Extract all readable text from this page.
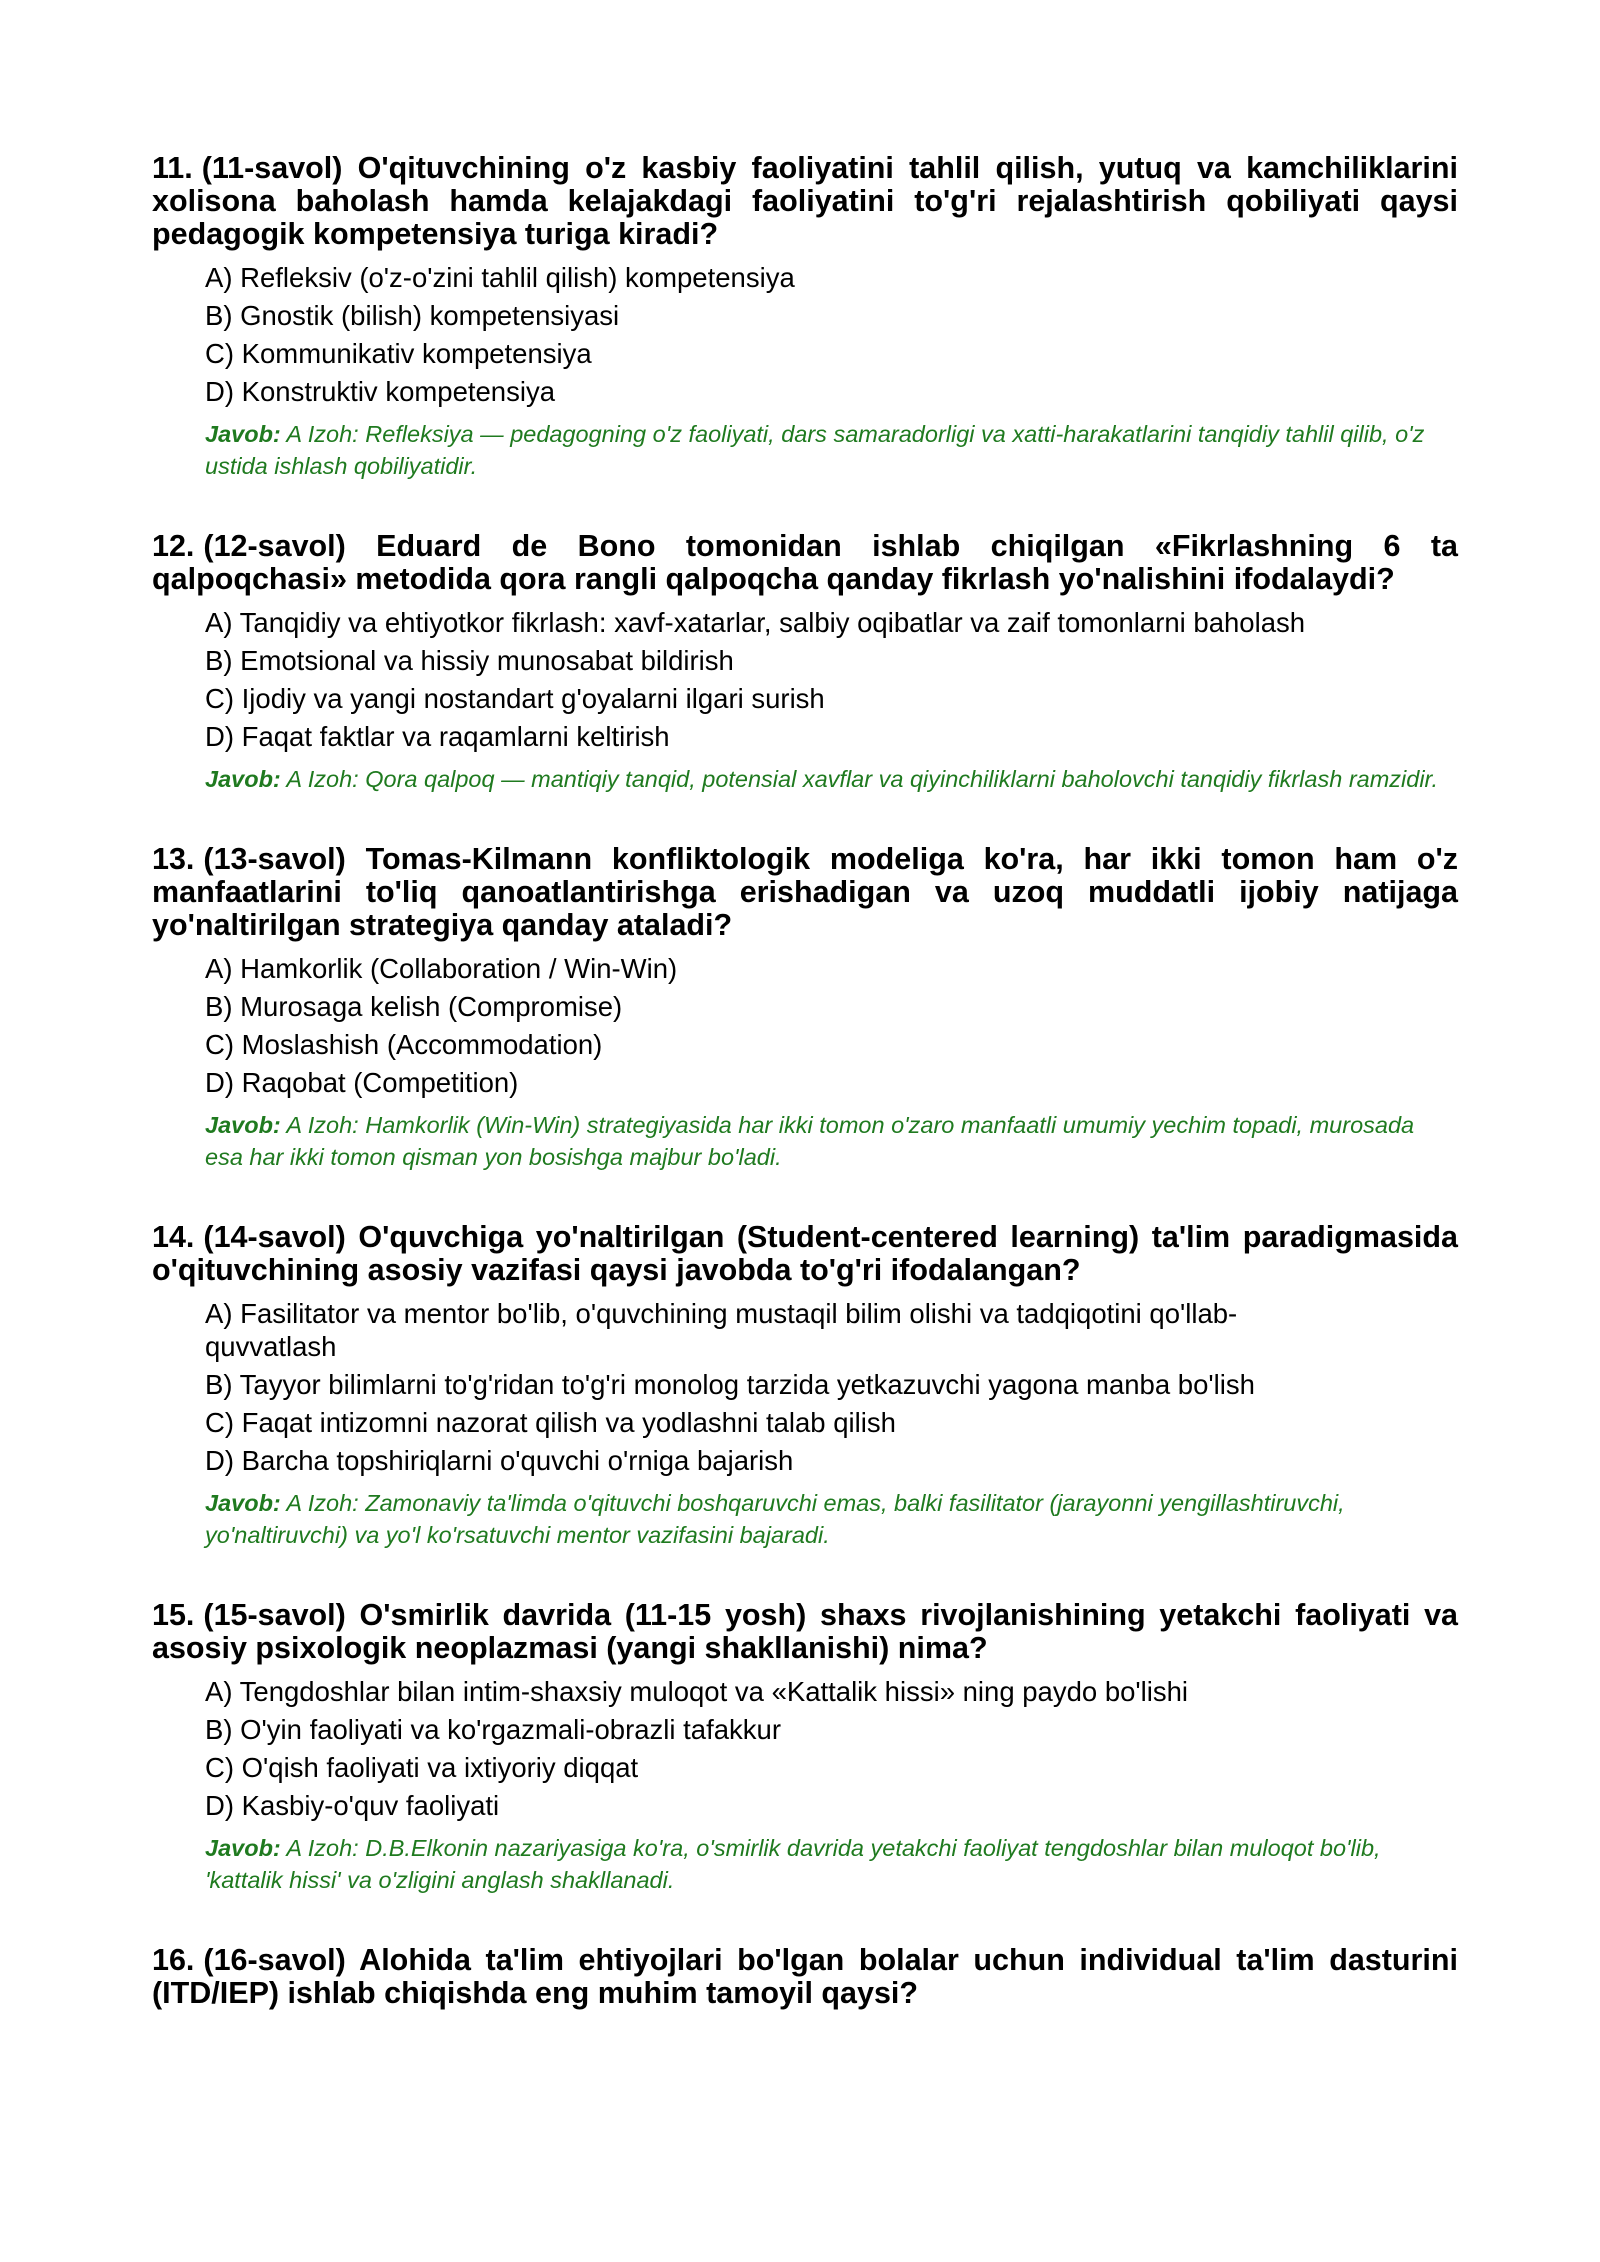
11. (11-savol) O'qituvchining o'z kasbiy faoliyatini tahlil qilish, yutuq va kamchiliklarini xolisona baholash hamda kelajakdagi faoliyatini to'g'ri rejalashtirish qobiliyati qaysi pedagogik kompetensiya turiga kiradi?
A) Refleksiv (o'z-o'zini tahlil qilish) kompetensiya
B) Gnostik (bilish) kompetensiyasi
C) Kommunikativ kompetensiya
D) Konstruktiv kompetensiya
Javob: A Izoh: Refleksiya — pedagogning o'z faoliyati, dars samaradorligi va xatti-harakatlarini tanqidiy tahlil qilib, o'z ustida ishlash qobiliyatidir.
12. (12-savol) Eduard de Bono tomonidan ishlab chiqilgan «Fikrlashning 6 ta qalpoqchasi» metodida qora rangli qalpoqcha qanday fikrlash yo'nalishini ifodalaydi?
A) Tanqidiy va ehtiyotkor fikrlash: xavf-xatarlar, salbiy oqibatlar va zaif tomonlarni baholash
B) Emotsional va hissiy munosabat bildirish
C) Ijodiy va yangi nostandart g'oyalarni ilgari surish
D) Faqat faktlar va raqamlarni keltirish
Javob: A Izoh: Qora qalpoq — mantiqiy tanqid, potensial xavflar va qiyinchiliklarni baholovchi tanqidiy fikrlash ramzidir.
13. (13-savol) Tomas-Kilmann konfliktologik modeliga ko'ra, har ikki tomon ham o'z manfaatlarini to'liq qanoatlantirishga erishadigan va uzoq muddatli ijobiy natijaga yo'naltirilgan strategiya qanday ataladi?
A) Hamkorlik (Collaboration / Win-Win)
B) Murosaga kelish (Compromise)
C) Moslashish (Accommodation)
D) Raqobat (Competition)
Javob: A Izoh: Hamkorlik (Win-Win) strategiyasida har ikki tomon o'zaro manfaatli umumiy yechim topadi, murosada esa har ikki tomon qisman yon bosishga majbur bo'ladi.
14. (14-savol) O'quvchiga yo'naltirilgan (Student-centered learning) ta'lim paradigmasida o'qituvchining asosiy vazifasi qaysi javobda to'g'ri ifodalangan?
A) Fasilitator va mentor bo'lib, o'quvchining mustaqil bilim olishi va tadqiqotini qo'llab-quvvatlash
B) Tayyor bilimlarni to'g'ridan to'g'ri monolog tarzida yetkazuvchi yagona manba bo'lish
C) Faqat intizomni nazorat qilish va yodlashni talab qilish
D) Barcha topshiriqlarni o'quvchi o'rniga bajarish
Javob: A Izoh: Zamonaviy ta'limda o'qituvchi boshqaruvchi emas, balki fasilitator (jarayonni yengillashtiruvchi, yo'naltiruvchi) va yo'l ko'rsatuvchi mentor vazifasini bajaradi.
15. (15-savol) O'smirlik davrida (11-15 yosh) shaxs rivojlanishining yetakchi faoliyati va asosiy psixologik neoplazmasi (yangi shakllanishi) nima?
A) Tengdoshlar bilan intim-shaxsiy muloqot va «Kattalik hissi» ning paydo bo'lishi
B) O'yin faoliyati va ko'rgazmali-obrazli tafakkur
C) O'qish faoliyati va ixtiyoriy diqqat
D) Kasbiy-o'quv faoliyati
Javob: A Izoh: D.B.Elkonin nazariyasiga ko'ra, o'smirlik davrida yetakchi faoliyat tengdoshlar bilan muloqot bo'lib, 'kattalik hissi' va o'zligini anglash shakllanadi.
16. (16-savol) Alohida ta'lim ehtiyojlari bo'lgan bolalar uchun individual ta'lim dasturini (ITD/IEP) ishlab chiqishda eng muhim tamoyil qaysi?
